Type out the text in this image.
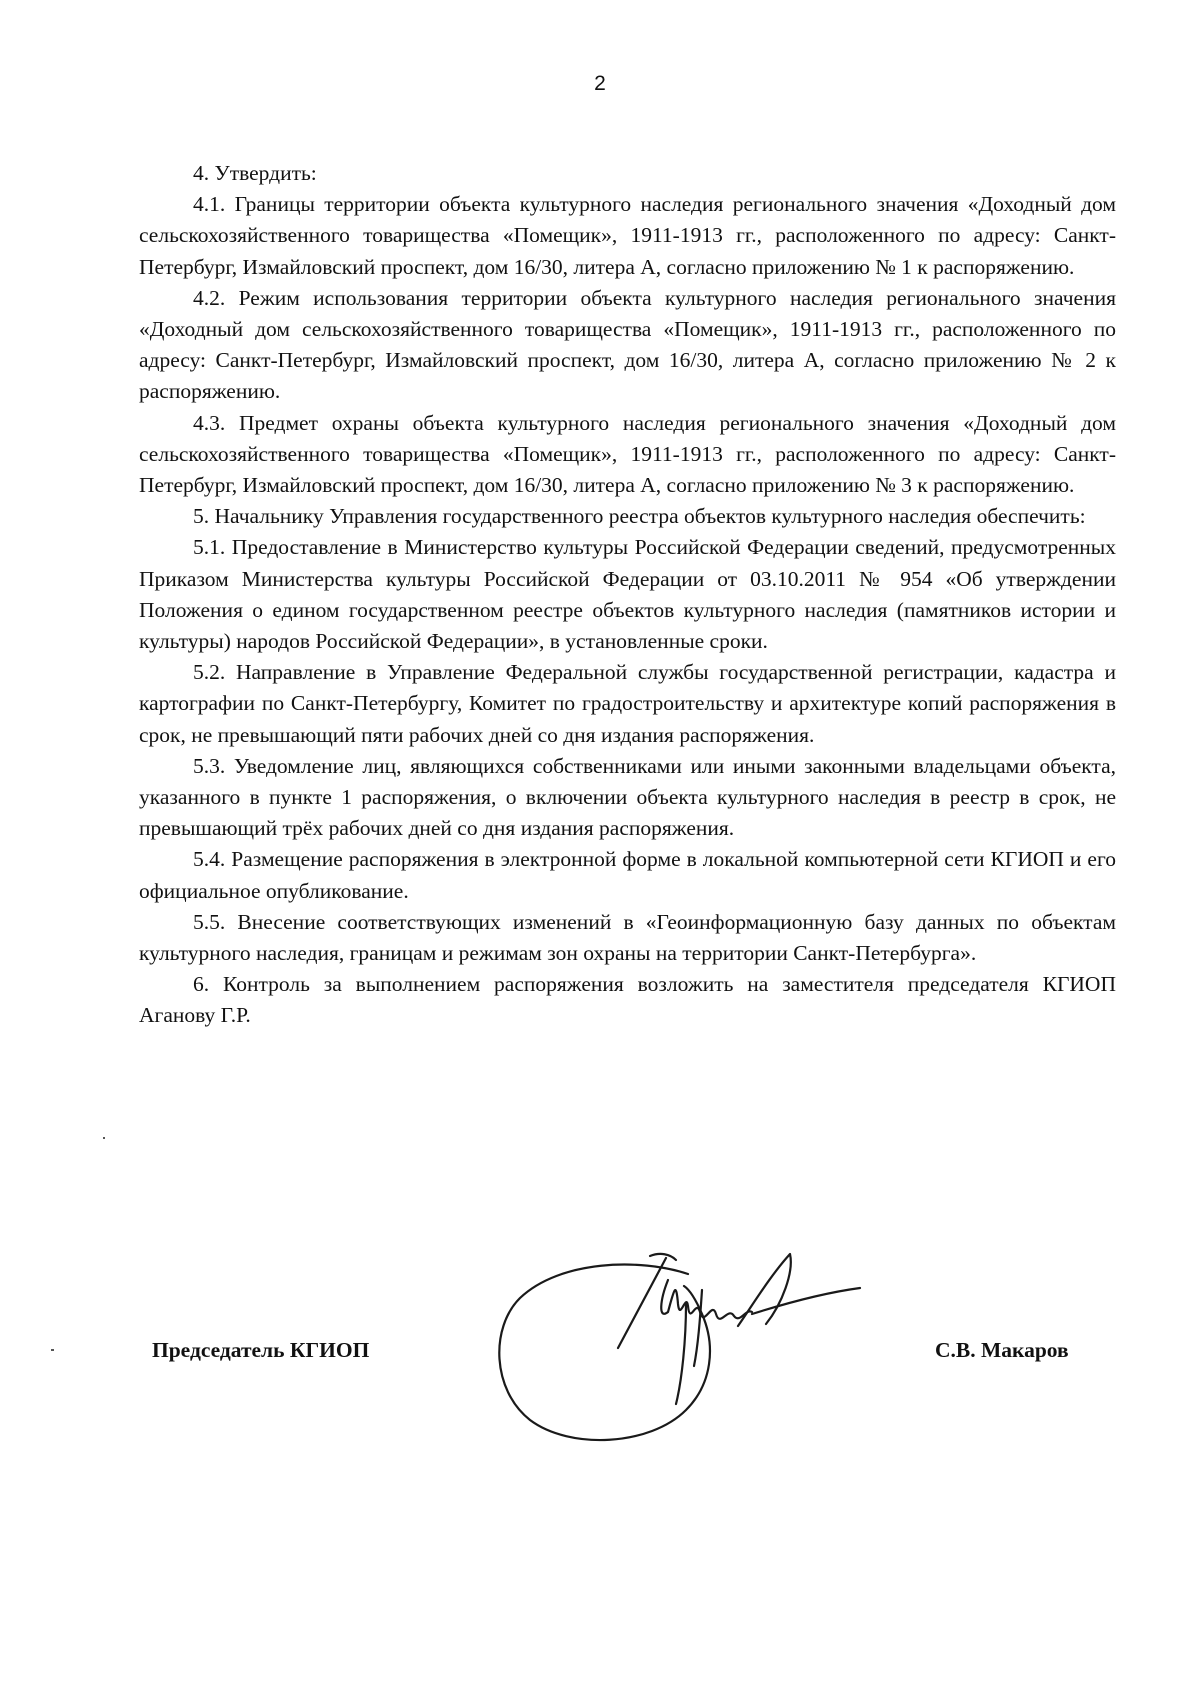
2

4. Утвердить:

4.1. Границы территории объекта культурного наследия регионального значения «Доходный дом сельскохозяйственного товарищества «Помещик», 1911-1913 гг., расположенного по адресу: Санкт-Петербург, Измайловский проспект, дом 16/30, литера А, согласно приложению № 1 к распоряжению.

4.2. Режим использования территории объекта культурного наследия регионального значения «Доходный дом сельскохозяйственного товарищества «Помещик», 1911-1913 гг., расположенного по адресу: Санкт-Петербург, Измайловский проспект, дом 16/30, литера А, согласно приложению № 2 к распоряжению.

4.3. Предмет охраны объекта культурного наследия регионального значения «Доходный дом сельскохозяйственного товарищества «Помещик», 1911-1913 гг., расположенного по адресу: Санкт-Петербург, Измайловский проспект, дом 16/30, литера А, согласно приложению № 3 к распоряжению.

5. Начальнику Управления государственного реестра объектов культурного наследия обеспечить:

5.1. Предоставление в Министерство культуры Российской Федерации сведений, предусмотренных Приказом Министерства культуры Российской Федерации от 03.10.2011 № 954 «Об утверждении Положения о едином государственном реестре объектов культурного наследия (памятников истории и культуры) народов Российской Федерации», в установленные сроки.

5.2. Направление в Управление Федеральной службы государственной регистрации, кадастра и картографии по Санкт-Петербургу, Комитет по градостроительству и архитектуре копий распоряжения в срок, не превышающий пяти рабочих дней со дня издания распоряжения.

5.3. Уведомление лиц, являющихся собственниками или иными законными владельцами объекта, указанного в пункте 1 распоряжения, о включении объекта культурного наследия в реестр в срок, не превышающий трёх рабочих дней со дня издания распоряжения.

5.4. Размещение распоряжения в электронной форме в локальной компьютерной сети КГИОП и его официальное опубликование.

5.5. Внесение соответствующих изменений в «Геоинформационную базу данных по объектам культурного наследия, границам и режимам зон охраны на территории Санкт-Петербурга».

6. Контроль за выполнением распоряжения возложить на заместителя председателя КГИОП Аганову Г.Р.

Председатель КГИОП	С.В. Макаров
